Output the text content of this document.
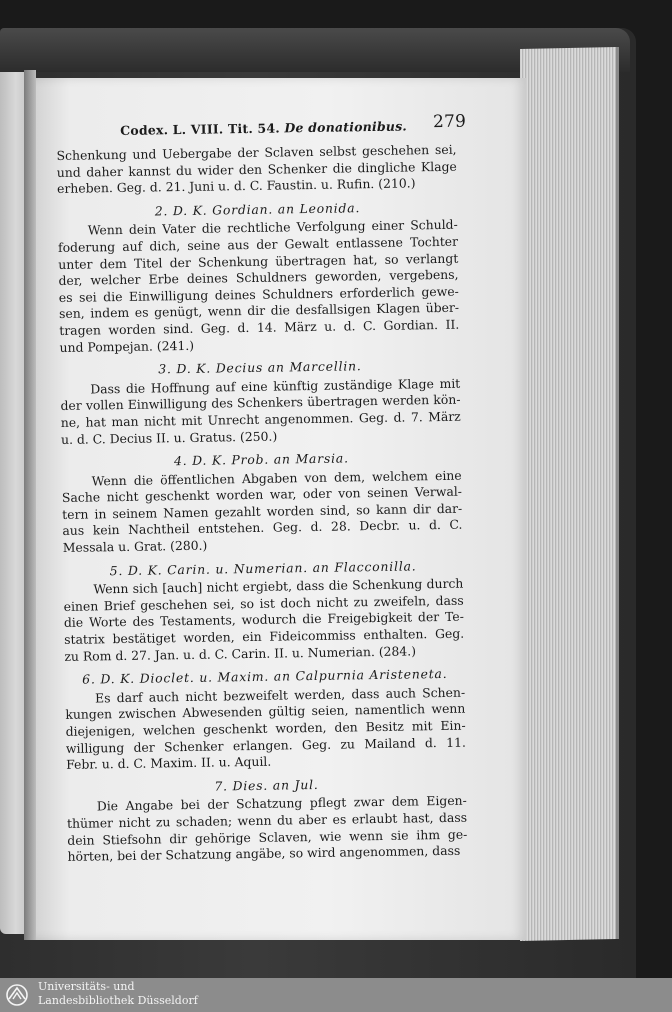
Codex. L. VIII. Tit. 54. De donationibus. 279
Schenkung und Uebergabe der Sclaven selbst geschehen sei,
und daher kannst du wider den Schenker die dingliche Klage
erheben. Geg. d. 21. Juni u. d. C. Faustin. u. Rufin. (210.)
2. D. K. Gordian. an Leonida.
Wenn dein Vater die rechtliche Verfolgung einer Schuld-
foderung auf dich, seine aus der Gewalt entlassene Tochter
unter dem Titel der Schenkung übertragen hat, so verlangt
der, welcher Erbe deines Schuldners geworden, vergebens,
es sei die Einwilligung deines Schuldners erforderlich gewe-
sen, indem es genügt, wenn dir die desfallsigen Klagen über-
tragen worden sind. Geg. d. 14. März u. d. C. Gordian. II.
und Pompejan. (241.)
3. D. K. Decius an Marcellin.
Dass die Hoffnung auf eine künftig zuständige Klage mit
der vollen Einwilligung des Schenkers übertragen werden kön-
ne, hat man nicht mit Unrecht angenommen. Geg. d. 7. März
u. d. C. Decius II. u. Gratus. (250.)
4. D. K. Prob. an Marsia.
Wenn die öffentlichen Abgaben von dem, welchem eine
Sache nicht geschenkt worden war, oder von seinen Verwal-
tern in seinem Namen gezahlt worden sind, so kann dir dar-
aus kein Nachtheil entstehen. Geg. d. 28. Decbr. u. d. C.
Messala u. Grat. (280.)
5. D. K. Carin. u. Numerian. an Flacconilla.
Wenn sich [auch] nicht ergiebt, dass die Schenkung durch
einen Brief geschehen sei, so ist doch nicht zu zweifeln, dass
die Worte des Testaments, wodurch die Freigebigkeit der Te-
statrix bestätiget worden, ein Fideicommiss enthalten. Geg.
zu Rom d. 27. Jan. u. d. C. Carin. II. u. Numerian. (284.)
6. D. K. Dioclet. u. Maxim. an Calpurnia Aristeneta.
Es darf auch nicht bezweifelt werden, dass auch Schen-
kungen zwischen Abwesenden gültig seien, namentlich wenn
diejenigen, welchen geschenkt worden, den Besitz mit Ein-
willigung der Schenker erlangen. Geg. zu Mailand d. 11.
Febr. u. d. C. Maxim. II. u. Aquil.
7. Dies. an Jul.
Die Angabe bei der Schatzung pflegt zwar dem Eigen-
thümer nicht zu schaden; wenn du aber es erlaubt hast, dass
dein Stiefsohn dir gehörige Sclaven, wie wenn sie ihm ge-
hörten, bei der Schatzung angäbe, so wird angenommen, dass
Universitäts- und
Landesbibliothek Düsseldorf
